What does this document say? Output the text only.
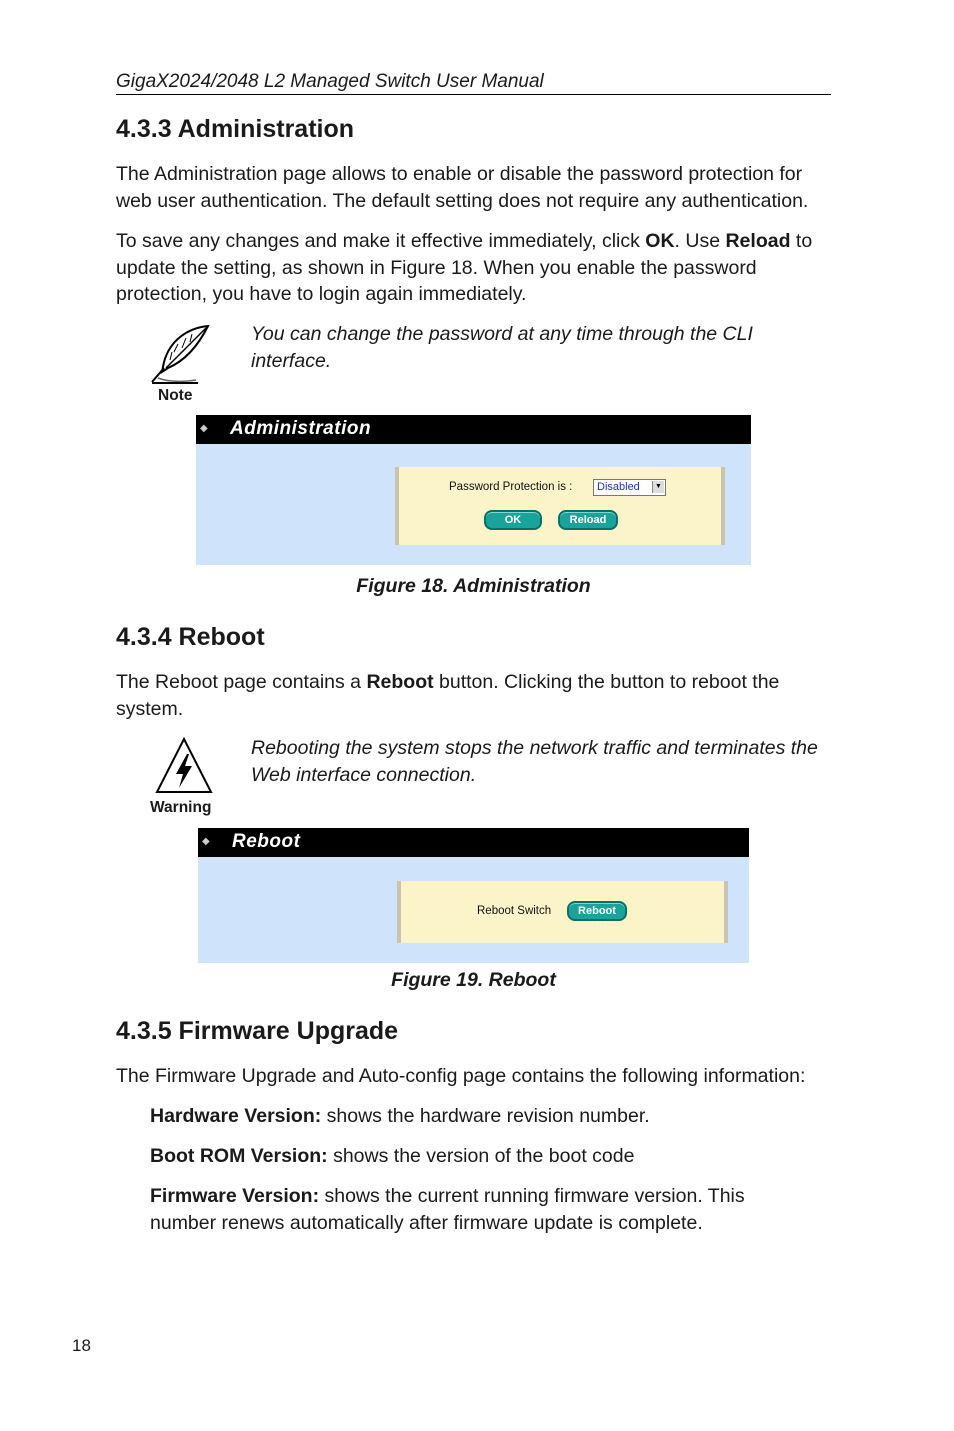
GigaX2024/2048 L2 Managed Switch User Manual
4.3.3 Administration

The Administration page allows to enable or disable the password protection for web user authentication. The default setting does not require any authentication.

To save any changes and make it effective immediately, click OK. Use Reload to update the setting, as shown in Figure 18. When you enable the password protection, you have to login again immediately.

Note
You can change the password at any time through the CLI interface.
◆ Administration
Password Protection is :	Disabled	▼
OK	Reload
Figure 18. Administration
4.3.4 Reboot

The Reboot page contains a Reboot button. Clicking the button to reboot the system.

Warning
Rebooting the system stops the network traffic and terminates the Web interface connection.
◆ Reboot
Reboot Switch	Reboot
Figure 19. Reboot
4.3.5 Firmware Upgrade

The Firmware Upgrade and Auto-config page contains the following information:

Hardware Version: shows the hardware revision number.

Boot ROM Version: shows the version of the boot code

Firmware Version: shows the current running firmware version. This number renews automatically after firmware update is complete.

18
